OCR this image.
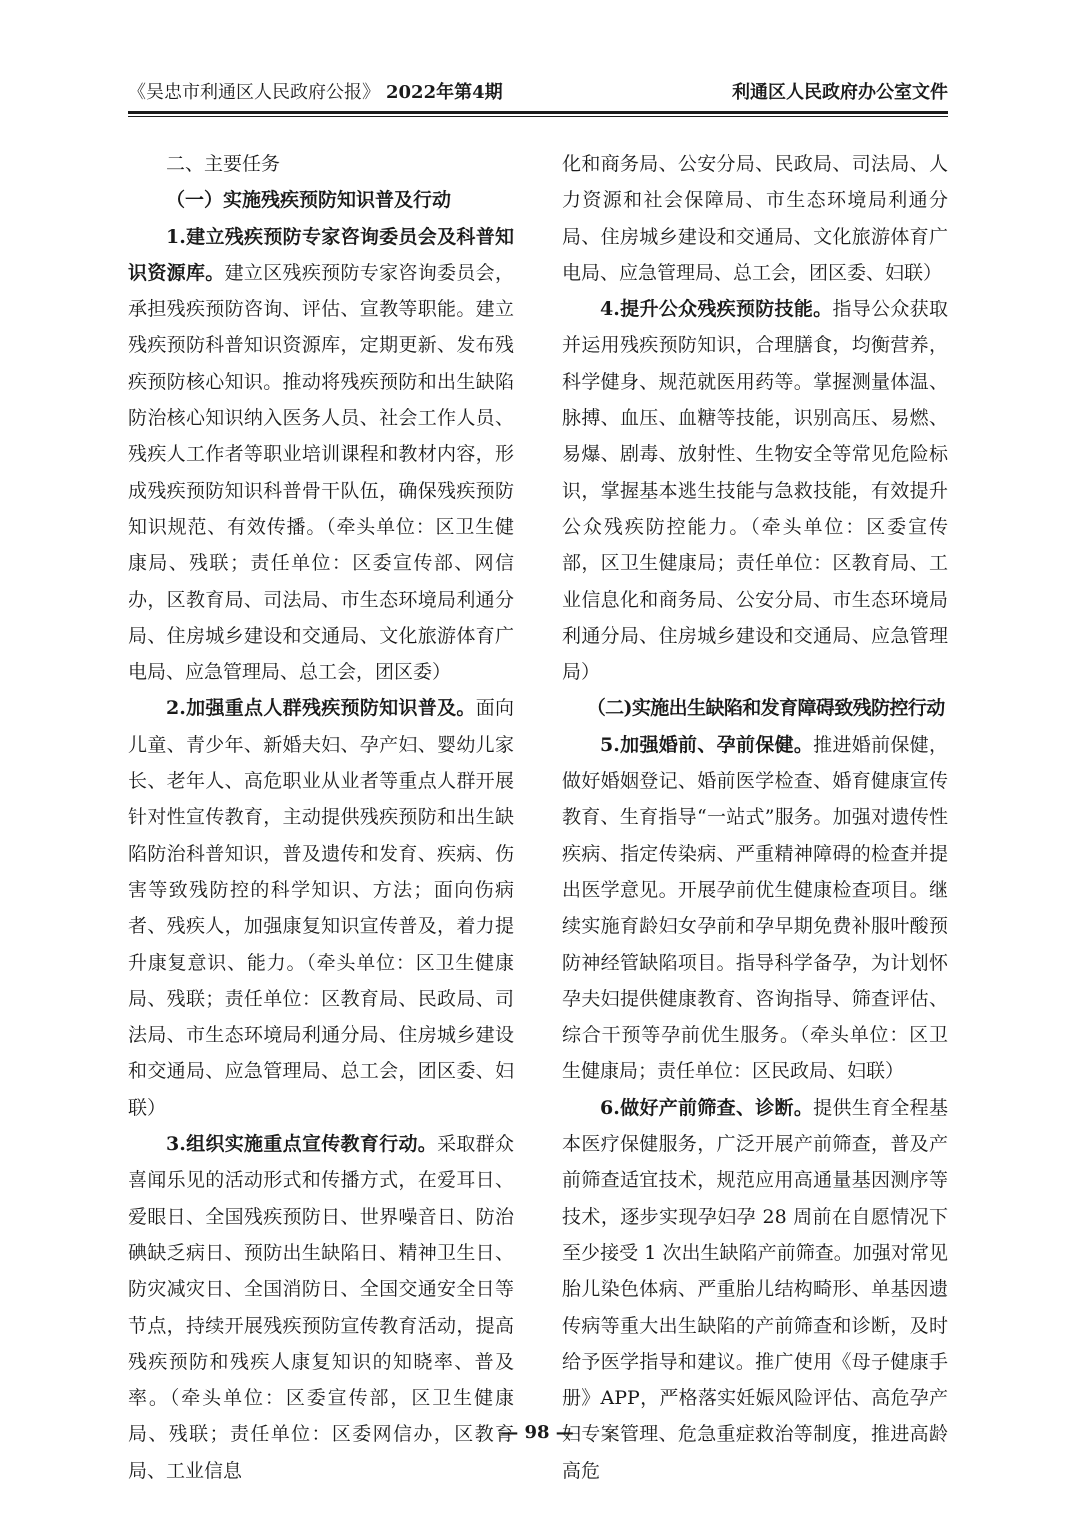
《吴忠市利通区人民政府公报》 2022年第4期	利通区人民政府办公室文件

二、主要任务

（一）实施残疾预防知识普及行动

1.建立残疾预防专家咨询委员会及科普知识资源库。建立区残疾预防专家咨询委员会，承担残疾预防咨询、评估、宣教等职能。建立残疾预防科普知识资源库，定期更新、发布残疾预防核心知识。推动将残疾预防和出生缺陷防治核心知识纳入医务人员、社会工作人员、残疾人工作者等职业培训课程和教材内容，形成残疾预防知识科普骨干队伍，确保残疾预防知识规范、有效传播。（牵头单位：区卫生健康局、残联；责任单位：区委宣传部、网信办，区教育局、司法局、市生态环境局利通分局、住房城乡建设和交通局、文化旅游体育广电局、应急管理局、总工会，团区委）

2.加强重点人群残疾预防知识普及。面向儿童、青少年、新婚夫妇、孕产妇、婴幼儿家长、老年人、高危职业从业者等重点人群开展针对性宣传教育，主动提供残疾预防和出生缺陷防治科普知识，普及遗传和发育、疾病、伤害等致残防控的科学知识、方法；面向伤病者、残疾人，加强康复知识宣传普及，着力提升康复意识、能力。（牵头单位：区卫生健康局、残联；责任单位：区教育局、民政局、司法局、市生态环境局利通分局、住房城乡建设和交通局、应急管理局、总工会，团区委、妇联）

3.组织实施重点宣传教育行动。采取群众喜闻乐见的活动形式和传播方式，在爱耳日、爱眼日、全国残疾预防日、世界噪音日、防治碘缺乏病日、预防出生缺陷日、精神卫生日、防灾减灾日、全国消防日、全国交通安全日等节点，持续开展残疾预防宣传教育活动，提高残疾预防和残疾人康复知识的知晓率、普及率。（牵头单位：区委宣传部，区卫生健康局、残联；责任单位：区委网信办，区教育局、工业信息

化和商务局、公安分局、民政局、司法局、人力资源和社会保障局、市生态环境局利通分局、住房城乡建设和交通局、文化旅游体育广电局、应急管理局、总工会，团区委、妇联）

4.提升公众残疾预防技能。指导公众获取并运用残疾预防知识，合理膳食，均衡营养，科学健身、规范就医用药等。掌握测量体温、脉搏、血压、血糖等技能，识别高压、易燃、易爆、剧毒、放射性、生物安全等常见危险标识，掌握基本逃生技能与急救技能，有效提升公众残疾防控能力。（牵头单位：区委宣传部，区卫生健康局；责任单位：区教育局、工业信息化和商务局、公安分局、市生态环境局利通分局、住房城乡建设和交通局、应急管理局）

（二)实施出生缺陷和发育障碍致残防控行动

5.加强婚前、孕前保健。推进婚前保健，做好婚姻登记、婚前医学检查、婚育健康宣传教育、生育指导“一站式”服务。加强对遗传性疾病、指定传染病、严重精神障碍的检查并提出医学意见。开展孕前优生健康检查项目。继续实施育龄妇女孕前和孕早期免费补服叶酸预防神经管缺陷项目。指导科学备孕，为计划怀孕夫妇提供健康教育、咨询指导、筛查评估、综合干预等孕前优生服务。（牵头单位：区卫生健康局；责任单位：区民政局、妇联）

6.做好产前筛查、诊断。提供生育全程基本医疗保健服务，广泛开展产前筛查，普及产前筛查适宜技术，规范应用高通量基因测序等技术，逐步实现孕妇孕 28 周前在自愿情况下至少接受 1 次出生缺陷产前筛查。加强对常见胎儿染色体病、严重胎儿结构畸形、单基因遗传病等重大出生缺陷的产前筛查和诊断，及时给予医学指导和建议。推广使用《母子健康手册》APP，严格落实妊娠风险评估、高危孕产妇专案管理、危急重症救治等制度，推进高龄高危

— 98 —
